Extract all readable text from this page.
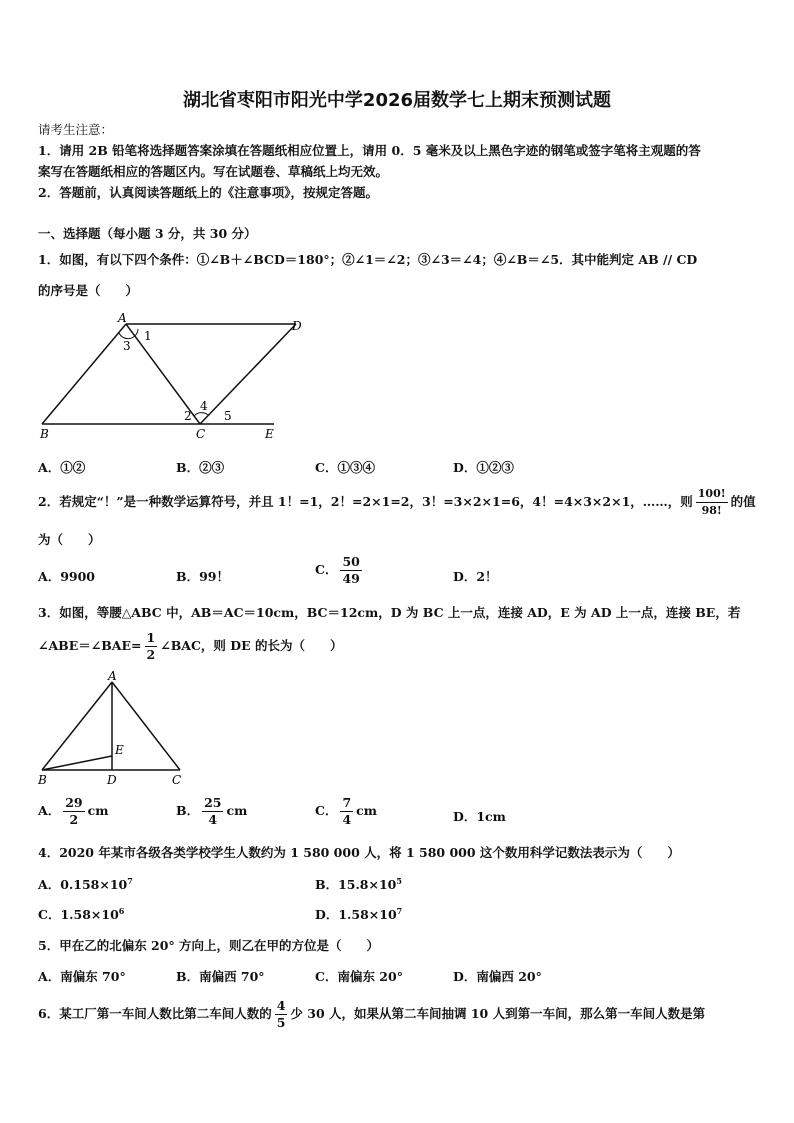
湖北省枣阳市阳光中学2026届数学七上期末预测试题
请考生注意：
1．请用 2B 铅笔将选择题答案涂填在答题纸相应位置上，请用 0．5 毫米及以上黑色字迹的钢笔或签字笔将主观题的答
案写在答题纸相应的答题区内。写在试题卷、草稿纸上均无效。
2．答题前，认真阅读答题纸上的《注意事项》，按规定答题。
一、选择题（每小题 3 分，共 30 分）
1．如图，有以下四个条件：①∠B＋∠BCD＝180°；②∠1＝∠2；③∠3＝∠4；④∠B＝∠5．其中能判定 AB // CD
的序号是（　　）
A
D
B	C	E
1
2
3
4
5
A．①②	B．②③	C．①③④	D．①②③
2．若规定“！”是一种数学运算符号，并且 1！=1，2！=2×1=2，3！=3×2×1=6，4！=4×3×2×1，……，则 $\frac{100!}{98!}$ 的值
为（　　）
A．9900	B．99！	C． $\frac{50}{49}$	D．2！
3．如图，等腰△ABC 中，AB＝AC＝10cm，BC＝12cm，D 为 BC 上一点，连接 AD，E 为 AD 上一点，连接 BE，若
∠ABE＝∠BAE= $\frac{1}{2}$ ∠BAC，则 DE 的长为（　　）
A
E
B	D	C
A． $\frac{29}{2}$ cm	B． $\frac{25}{4}$ cm	C． $\frac{7}{4}$ cm	D．1cm
4．2020 年某市各级各类学校学生人数约为 1 580 000 人，将 1 580 000 这个数用科学记数法表示为（　　）
A．$0.158\times 10^7$	B．$15.8\times 10^5$
C．$1.58\times 10^6$	D．$1.58\times 10^7$
5．甲在乙的北偏东 20° 方向上，则乙在甲的方位是（　　）
A．南偏东 70°	B．南偏西 70°	C．南偏东 20°	D．南偏西 20°
6．某工厂第一车间人数比第二车间人数的 $\frac{4}{5}$ 少 30 人，如果从第二车间抽调 10 人到第一车间，那么第一车间人数是第
